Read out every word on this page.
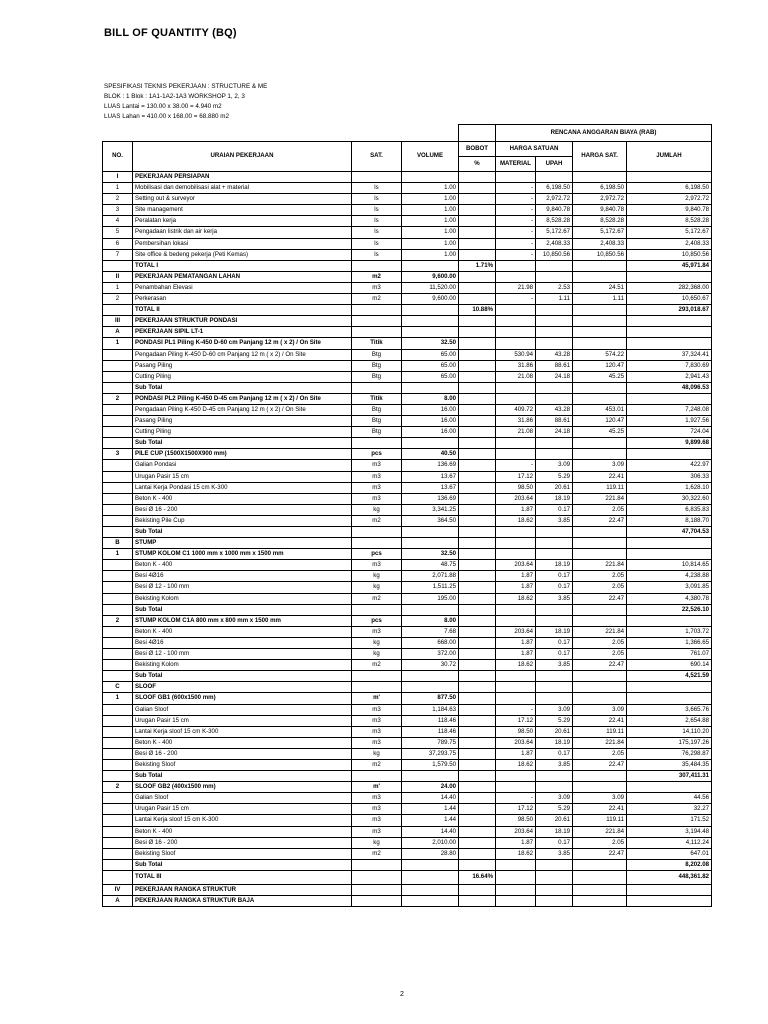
BILL OF QUANTITY (BQ)
SPESIFIKASI TEKNIS PEKERJAAN : STRUCTURE & ME
BLOK : 1 Blok : 1A1-1A2-1A3 WORKSHOP 1, 2, 3
LUAS Lantai = 130.00 x 38.00 = 4.940 m2
LUAS Lahan = 410.00 x 168.00 = 68.880 m2
					RENCANA ANGGARAN BIAYA (RAB)			
NO.	URAIAN PEKERJAAN	SAT.	VOLUME	BOBOT	HARGA SATUAN		HARGA SAT.	JUMLAH
				%	MATERIAL	UPAH		
I	PEKERJAAN PERSIAPAN							
1	Mobilisasi dan demobilisasi alat + material	ls	1.00		-	6,198.50	6,198.50	6,198.50
2	Setting out & surveyor	ls	1.00		-	2,972.72	2,972.72	2,972.72
3	Site management	ls	1.00		-	9,840.78	9,840.78	9,840.78
4	Peralatan kerja	ls	1.00		-	8,528.28	8,528.28	8,528.28
5	Pengadaan listrik dan air kerja	ls	1.00		-	5,172.67	5,172.67	5,172.67
6	Pembersihan lokasi	ls	1.00		-	2,408.33	2,408.33	2,408.33
7	Site office & bedeng pekerja (Peti Kemas)	ls	1.00		-	10,850.56	10,850.56	10,850.56
	TOTAL I			1.71%				45,971.84
II	PEKERJAAN PEMATANGAN LAHAN	m2	9,600.00					
1	Penambahan Elevasi	m3	11,520.00		21.98	2.53	24.51	282,368.00
2	Perkerasan	m2	9,600.00		-	1.11	1.11	10,650.67
	TOTAL II			10.88%				293,018.67
III	PEKERJAAN STRUKTUR PONDASI							
A	PEKERJAAN SIPIL LT-1							
1	PONDASI PL1 Piling K-450 D-60 cm Panjang 12 m ( x 2) / On Site	Titik	32.50					
	Pengadaan Piling K-450 D-60 cm Panjang 12 m ( x 2) / On Site	Btg	65.00		530.94	43.28	574.22	37,324.41
	Pasang Piling	Btg	65.00		31.86	88.61	120.47	7,830.69
	Cutting Piling	Btg	65.00		21.08	24.18	45.25	2,941.43
	Sub Total							48,096.53
2	PONDASI PL2 Piling K-450 D-45 cm Panjang 12 m ( x 2) / On Site	Titik	8.00					
	Pengadaan Piling K-450 D-45 cm Panjang 12 m ( x 2) / On Site	Btg	16.00		409.72	43.28	453.01	7,248.08
	Pasang Piling	Btg	16.00		31.86	88.61	120.47	1,927.56
	Cutting Piling	Btg	16.00		21.08	24.18	45.25	724.04
	Sub Total							9,899.68
3	PILE CUP (1500X1500X900 mm)	pcs	40.50					
	Galian Pondasi	m3	136.69		-	3.09	3.09	422.97
	Urugan Pasir 15 cm	m3	13.67		17.12	5.29	22.41	306.33
	Lantai Kerja Pondasi 15 cm K-300	m3	13.67		98.50	20.61	119.11	1,628.10
	Beton K - 400	m3	136.69		203.64	18.19	221.84	30,322.60
	Besi Ø 16 - 200	kg	3,341.25		1.87	0.17	2.05	6,835.83
	Bekisting Pile Cup	m2	364.50		18.62	3.85	22.47	8,188.70
	Sub Total							47,704.53
B	STUMP							
1	STUMP KOLOM C1 1000 mm x 1000 mm x 1500 mm	pcs	32.50					
	Beton K - 400	m3	48.75		203.64	18.19	221.84	10,814.65
	Besi 4Ø16	kg	2,071.88		1.87	0.17	2.05	4,238.88
	Besi Ø 12 - 100 mm	kg	1,511.25		1.87	0.17	2.05	3,091.85
	Bekisting Kolom	m2	195.00		18.62	3.85	22.47	4,380.78
	Sub Total							22,526.10
2	STUMP KOLOM C1A 800 mm x 800 mm x 1500 mm	pcs	8.00					
	Beton K - 400	m3	7.68		203.64	18.19	221.84	1,703.72
	Besi 4Ø16	kg	668.00		1.87	0.17	2.05	1,366.65
	Besi Ø 12 - 100 mm	kg	372.00		1.87	0.17	2.05	761.07
	Bekisting Kolom	m2	30.72		18.62	3.85	22.47	690.14
	Sub Total							4,521.59
C	SLOOF							
1	SLOOF GB1 (600x1500 mm)	m'	877.50					
	Galian Sloof	m3	1,184.63		-	3.09	3.09	3,665.76
	Urugan Pasir 15 cm	m3	118.46		17.12	5.29	22.41	2,654.88
	Lantai Kerja sloof 15 cm K-300	m3	118.46		98.50	20.61	119.11	14,110.20
	Beton K - 400	m3	789.75		203.64	18.19	221.84	175,197.26
	Besi Ø 16 - 200	kg	37,293.75		1.87	0.17	2.05	76,298.87
	Bekisting Sloof	m2	1,579.50		18.62	3.85	22.47	35,484.35
	Sub Total							307,411.31
2	SLOOF GB2 (400x1500 mm)	m'	24.00					
	Galian Sloof	m3	14.40		-	3.09	3.09	44.56
	Urugan Pasir 15 cm	m3	1.44		17.12	5.29	22.41	32.27
	Lantai Kerja sloof 15 cm K-300	m3	1.44		98.50	20.61	119.11	171.52
	Beton K - 400	m3	14.40		203.64	18.19	221.84	3,194.48
	Besi Ø 16 - 200	kg	2,010.00		1.87	0.17	2.05	4,112.24
	Bekisting Sloof	m2	28.80		18.62	3.85	22.47	647.01
	Sub Total							8,202.08
	TOTAL III			16.64%				448,361.82
IV	PEKERJAAN RANGKA STRUKTUR							
A	PEKERJAAN RANGKA STRUKTUR BAJA							
2
